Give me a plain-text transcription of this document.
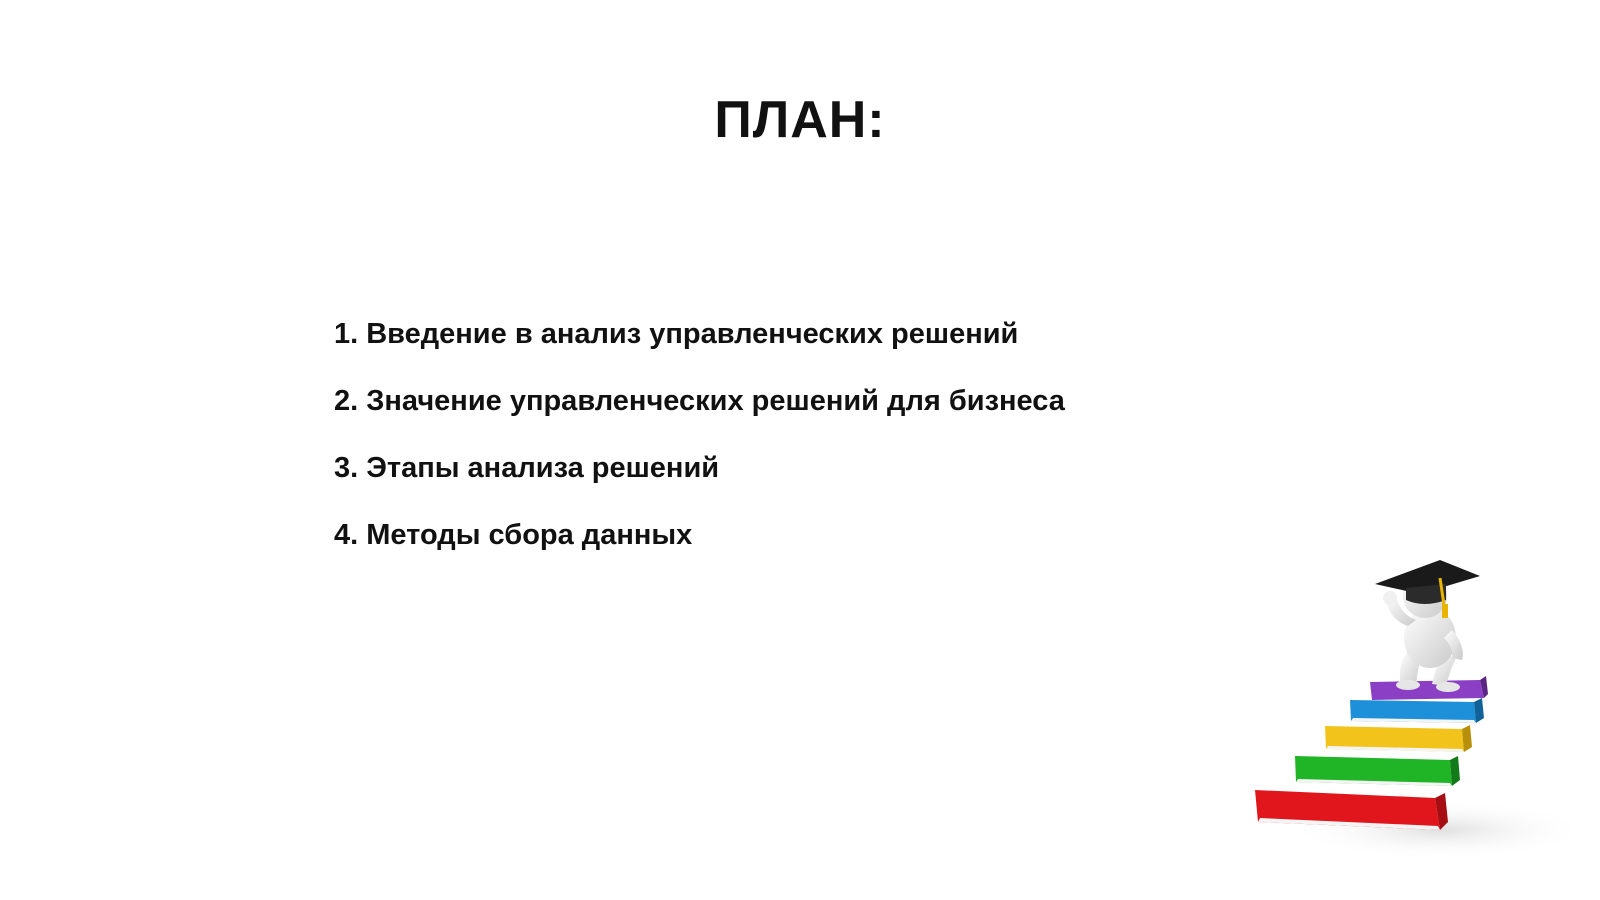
ПЛАН:
1. Введение в анализ управленческих решений
2. Значение управленческих решений для бизнеса
3. Этапы анализа решений
4. Методы сбора данных
